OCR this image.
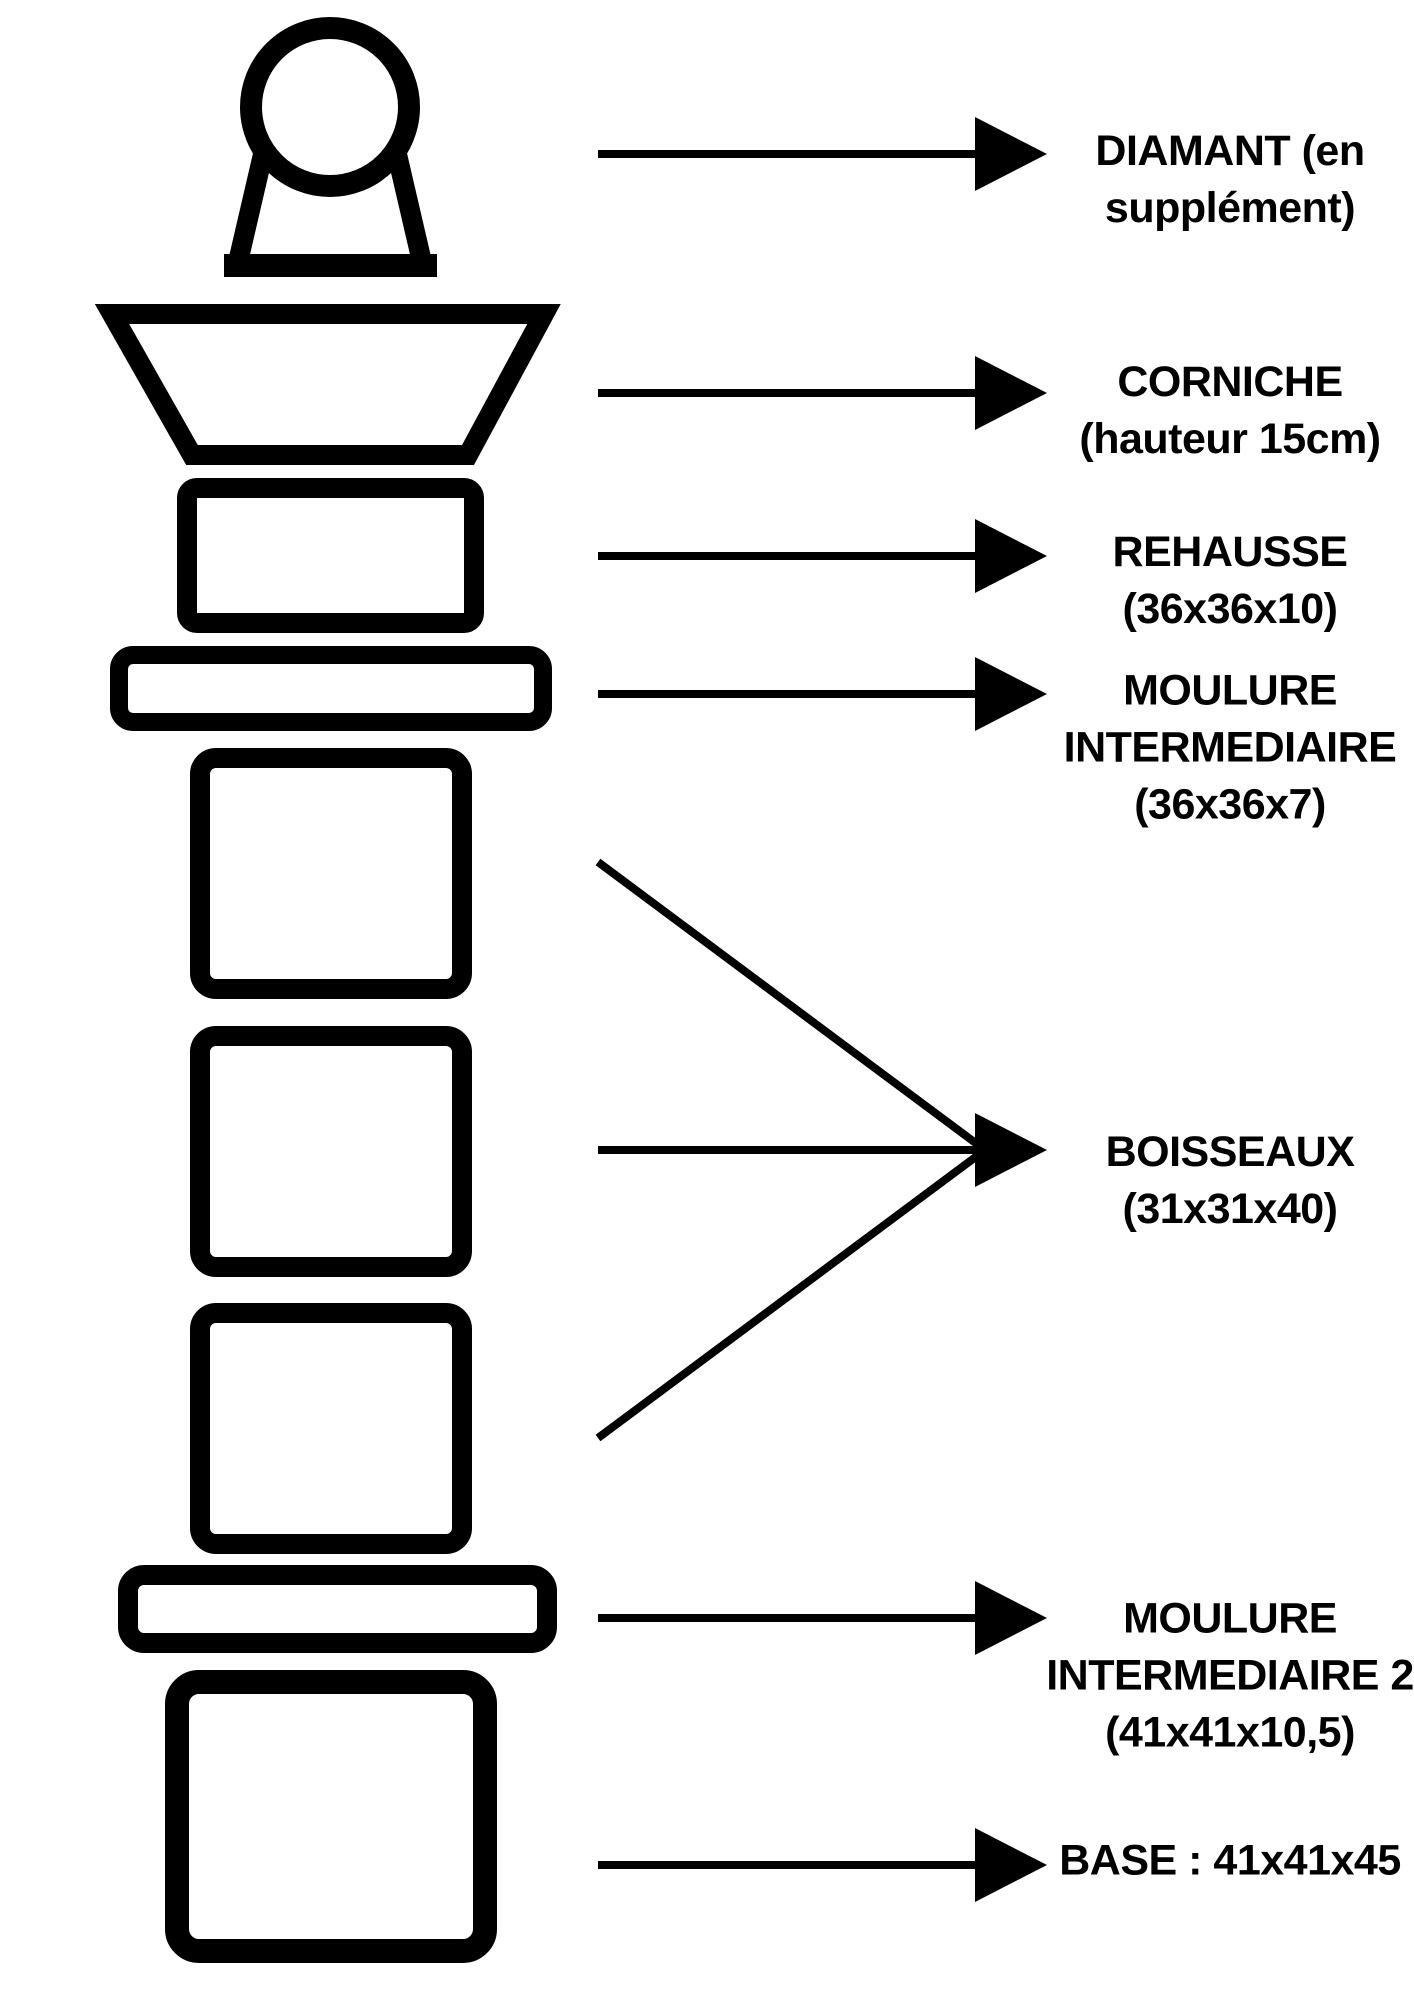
DIAMANT (en
supplément)
CORNICHE
(hauteur 15cm)
REHAUSSE
(36x36x10)
MOULURE
INTERMEDIAIRE
(36x36x7)
BOISSEAUX
(31x31x40)
MOULURE
INTERMEDIAIRE 2
(41x41x10,5)
BASE : 41x41x45
